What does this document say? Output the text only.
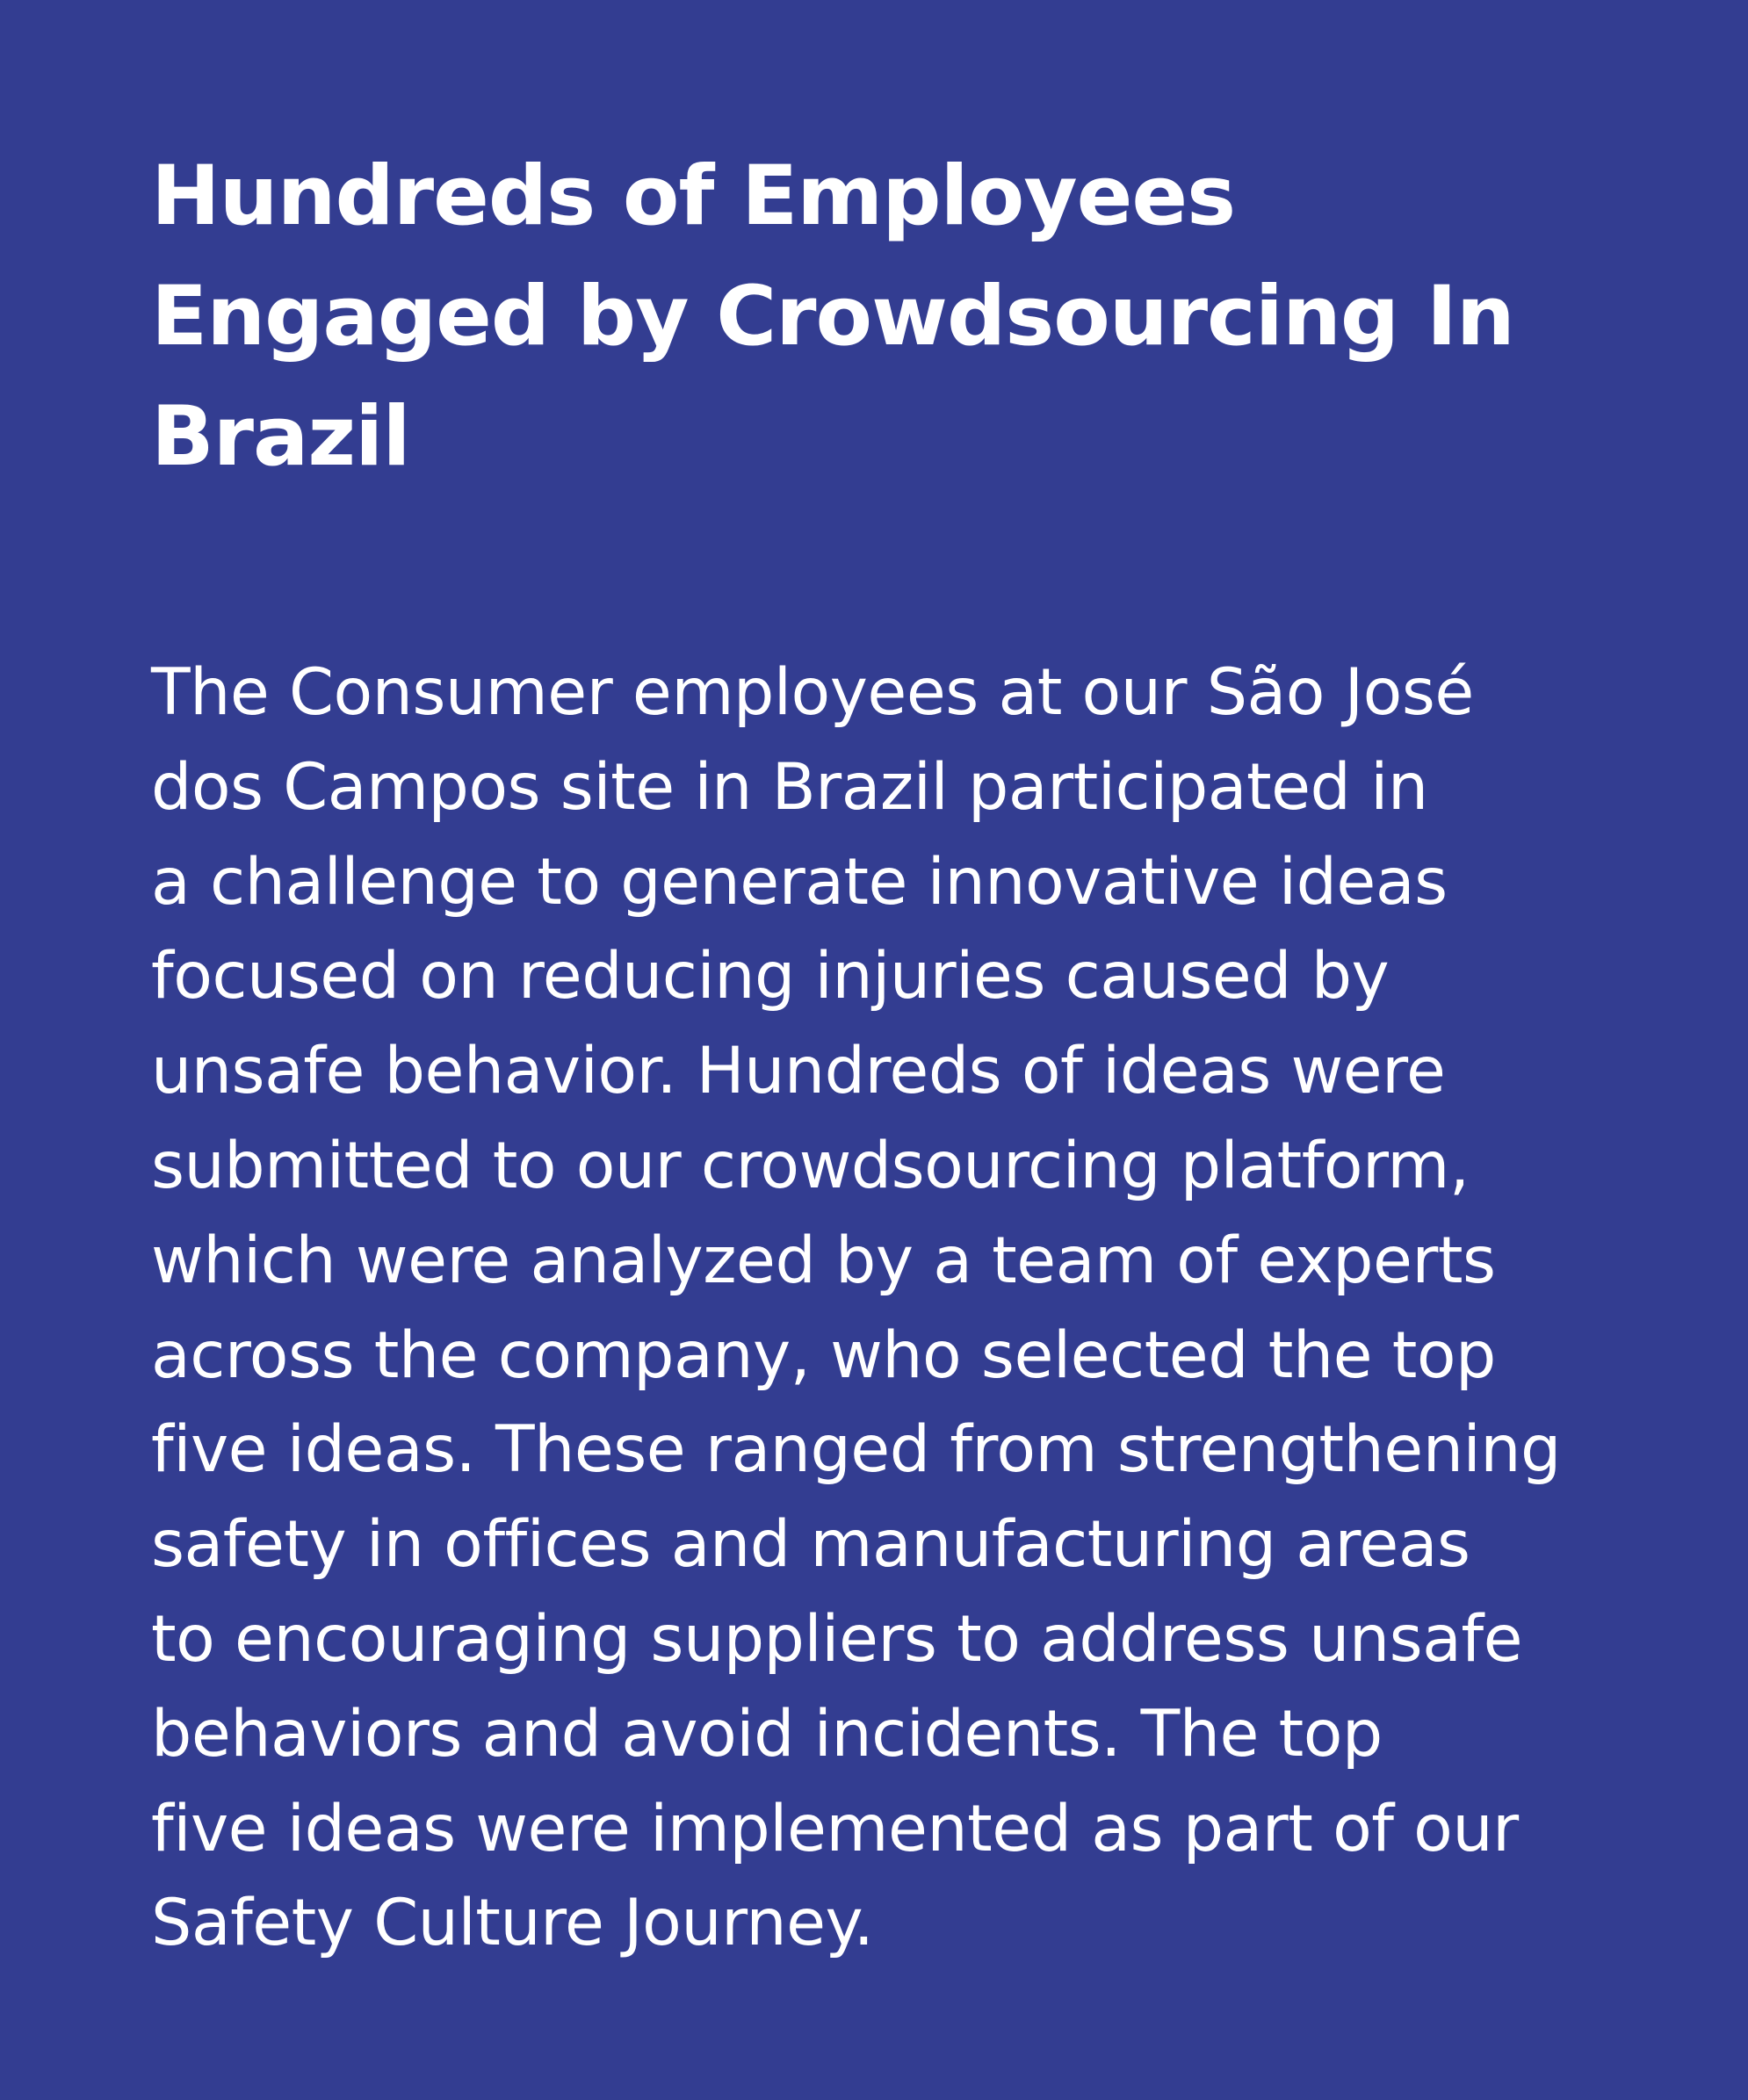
Hundreds of Employees
Engaged by Crowdsourcing In
Brazil

The Consumer employees at our São José
dos Campos site in Brazil participated in
a challenge to generate innovative ideas
focused on reducing injuries caused by
unsafe behavior. Hundreds of ideas were
submitted to our crowdsourcing platform,
which were analyzed by a team of experts
across the company, who selected the top
five ideas. These ranged from strengthening
safety in offices and manufacturing areas
to encouraging suppliers to address unsafe
behaviors and avoid incidents. The top
five ideas were implemented as part of our
Safety Culture Journey.
